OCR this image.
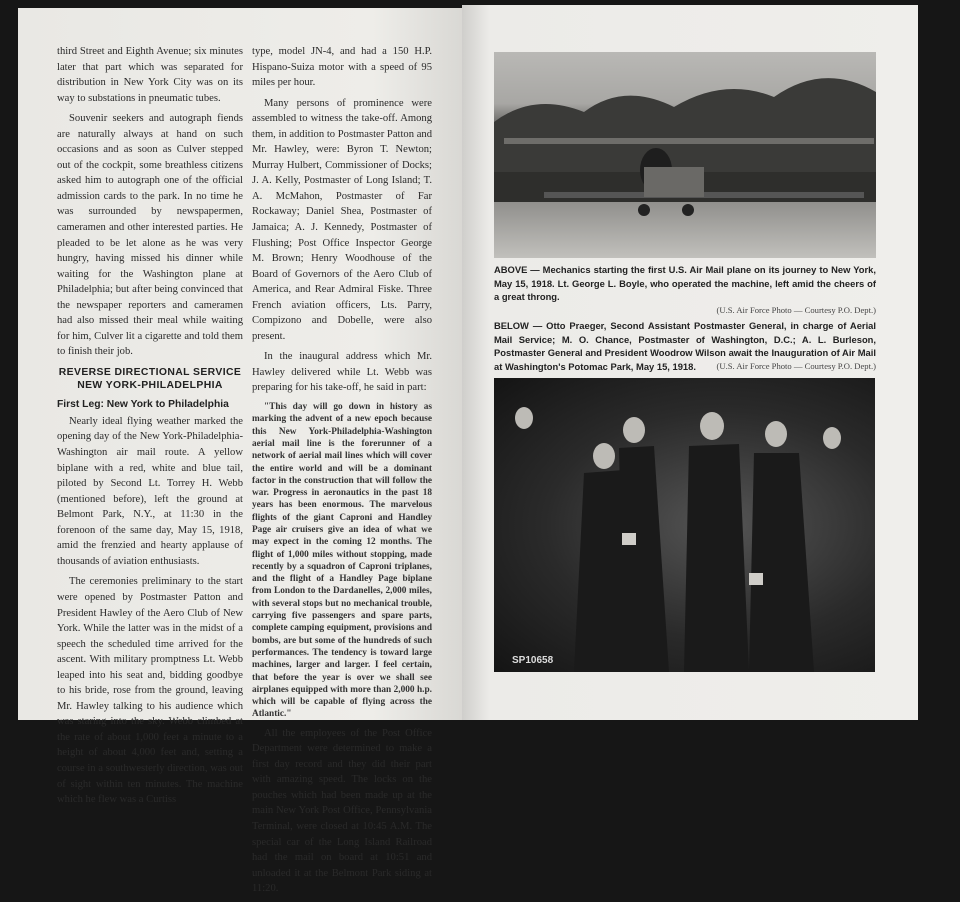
third Street and Eighth Avenue; six minutes later that part which was separated for distribution in New York City was on its way to substations in pneumatic tubes.

Souvenir seekers and autograph fiends are naturally always at hand on such occasions and as soon as Culver stepped out of the cockpit, some breathless citizens asked him to autograph one of the official admission cards to the park. In no time he was surrounded by newspapermen, cameramen and other interested parties. He pleaded to be let alone as he was very hungry, having missed his dinner while waiting for the Washington plane at Philadelphia; but after being convinced that the newspaper reporters and cameramen had also missed their meal while waiting for him, Culver lit a cigarette and told them to finish their job.

REVERSE DIRECTIONAL SERVICE
NEW YORK-PHILADELPHIA
First Leg: New York to Philadelphia

Nearly ideal flying weather marked the opening day of the New York-Philadelphia-Washington air mail route. A yellow biplane with a red, white and blue tail, piloted by Second Lt. Torrey H. Webb (mentioned before), left the ground at Belmont Park, N.Y., at 11:30 in the forenoon of the same day, May 15, 1918, amid the frenzied and hearty applause of thousands of aviation enthusiasts.

The ceremonies preliminary to the start were opened by Postmaster Patton and President Hawley of the Aero Club of New York. While the latter was in the midst of a speech the scheduled time arrived for the ascent. With military promptness Lt. Webb leaped into his seat and, bidding goodbye to his bride, rose from the ground, leaving Mr. Hawley talking to his audience which was staring into the sky. Webb climbed at the rate of about 1,000 feet a minute to a height of about 4,000 feet and, setting a course in a southwesterly direction, was out of sight within ten minutes. The machine which he flew was a Curtiss

type, model JN-4, and had a 150 H.P. Hispano-Suiza motor with a speed of 95 miles per hour.

Many persons of prominence were assembled to witness the take-off. Among them, in addition to Postmaster Patton and Mr. Hawley, were: Byron T. Newton; Murray Hulbert, Commissioner of Docks; J. A. Kelly, Postmaster of Long Island; T. A. McMahon, Postmaster of Far Rockaway; Daniel Shea, Postmaster of Jamaica; A. J. Kennedy, Postmaster of Flushing; Post Office Inspector George M. Brown; Henry Woodhouse of the Board of Governors of the Aero Club of America, and Rear Admiral Fiske. Three French aviation officers, Lts. Parry, Compizono and Dobelle, were also present.

In the inaugural address which Mr. Hawley delivered while Lt. Webb was preparing for his take-off, he said in part:

"This day will go down in history as marking the advent of a new epoch because this New York-Philadelphia-Washington aerial mail line is the forerunner of a network of aerial mail lines which will cover the entire world and will be a dominant factor in the construction that will follow the war. Progress in aeronautics in the past 18 years has been enormous. The marvelous flights of the giant Caproni and Handley Page air cruisers give an idea of what we may expect in the coming 12 months. The flight of 1,000 miles without stopping, made recently by a squadron of Caproni triplanes, and the flight of a Handley Page biplane from London to the Dardanelles, 2,000 miles, with several stops but no mechanical trouble, carrying five passengers and spare parts, complete camping equipment, provisions and bombs, are but some of the hundreds of such performances. The tendency is toward large machines, larger and larger. I feel certain, that before the year is over we shall see airplanes equipped with more than 2,000 h.p. which will be capable of flying across the Atlantic."

All the employees of the Post Office Department were determined to make a first day record and they did their part with amazing speed. The locks on the pouches which had been made up at the main New York Post Office, Pennsylvania Terminal, were closed at 10:45 A.M. The special car of the Long Island Railroad had the mail on board at 10:51 and unloaded it at the Belmont Park siding at 11:20.

ABOVE — Mechanics starting the first U.S. Air Mail plane on its journey to New York, May 15, 1918. Lt. George L. Boyle, who operated the machine, left amid the cheers of a great throng.
(U.S. Air Force Photo — Courtesy P.O. Dept.)
BELOW — Otto Praeger, Second Assistant Postmaster General, in charge of Aerial Mail Service; M. O. Chance, Postmaster of Washington, D.C.; A. L. Burleson, Postmaster General and President Woodrow Wilson await the Inauguration of Air Mail at Washington's Potomac Park, May 15, 1918.	(U.S. Air Force Photo — Courtesy P.O. Dept.)
SP10658
